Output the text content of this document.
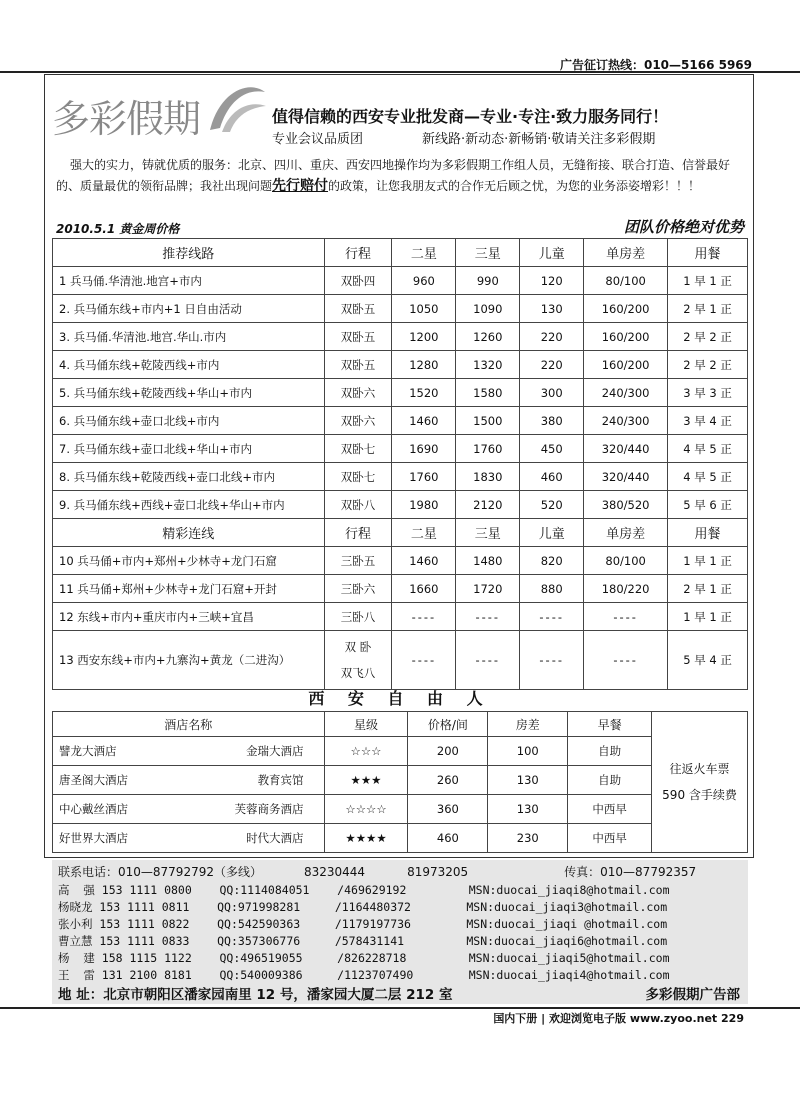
广告征订热线：010—5166 5969
多彩假期	值得信赖的西安专业批发商—专业·专注·致力服务同行！
专业会议品质团	新线路·新动态·新畅销·敬请关注多彩假期
强大的实力，铸就优质的服务：北京、四川、重庆、西安四地操作均为多彩假期工作组人员，无缝衔接、联合打造、信誉最好的、质量最优的领衔品牌；我社出现问题先行赔付的政策，让您我朋友式的合作无后顾之忧，为您的业务添姿增彩！！！
2010.5.1 黄金周价格	团队价格绝对优势
推荐线路	行程	二星	三星	儿童	单房差	用餐
1 兵马俑.华清池.地宫+市内	双卧四	960	990	120	80/100	1 早 1 正
2. 兵马俑东线+市内+1 日自由活动	双卧五	1050	1090	130	160/200	2 早 1 正
3. 兵马俑.华清池.地宫.华山.市内	双卧五	1200	1260	220	160/200	2 早 2 正
4. 兵马俑东线+乾陵西线+市内	双卧五	1280	1320	220	160/200	2 早 2 正
5. 兵马俑东线+乾陵西线+华山+市内	双卧六	1520	1580	300	240/300	3 早 3 正
6. 兵马俑东线+壶口北线+市内	双卧六	1460	1500	380	240/300	3 早 4 正
7. 兵马俑东线+壶口北线+华山+市内	双卧七	1690	1760	450	320/440	4 早 5 正
8. 兵马俑东线+乾陵西线+壶口北线+市内	双卧七	1760	1830	460	320/440	4 早 5 正
9. 兵马俑东线+西线+壶口北线+华山+市内	双卧八	1980	2120	520	380/520	5 早 6 正
精彩连线	行程	二星	三星	儿童	单房差	用餐
10 兵马俑+市内+郑州+少林寺+龙门石窟	三卧五	1460	1480	820	80/100	1 早 1 正
11 兵马俑+郑州+少林寺+龙门石窟+开封	三卧六	1660	1720	880	180/220	2 早 1 正
12 东线+市内+重庆市内+三峡+宜昌	三卧八	----	----	----	----	1 早 1 正
13 西安东线+市内+九寨沟+黄龙（二进沟）	双 卧
双飞八	----	----	----	----	5 早 4 正
西 安 自 由 人
酒店名称	星级	价格/间	房差	早餐	往返火车票
590 含手续费

譬龙大酒店 金瑞大酒店	☆☆☆	200	100	自助	

唐圣阁大酒店 教育宾馆	★★★	260	130	自助	

中心戴丝酒店 芙蓉商务酒店	☆☆☆☆	360	130	中西早	

好世界大酒店 时代大酒店	★★★★	460	230	中西早	
联系电话：010—87792792（多线）	83230444	81973205	传真：010—87792357
高  强 153 1111 0800    QQ:1114084051    /469629192         MSN:duocai_jiaqi8@hotmail.com
杨晓龙 153 1111 0811    QQ:971998281     /1164480372        MSN:duocai_jiaqi3@hotmail.com
张小利 153 1111 0822    QQ:542590363     /1179197736        MSN:duocai_jiaqi @hotmail.com
曹立慧 153 1111 0833    QQ:357306776     /578431141         MSN:duocai_jiaqi6@hotmail.com
杨  建 158 1115 1122    QQ:496519055     /826228718         MSN:duocai_jiaqi5@hotmail.com
王  雷 131 2100 8181    QQ:540009386     /1123707490        MSN:duocai_jiaqi4@hotmail.com
地 址：北京市朝阳区潘家园南里 12 号，潘家园大厦二层 212 室	多彩假期广告部
国内下册 | 欢迎浏览电子版 www.zyoo.net 229
